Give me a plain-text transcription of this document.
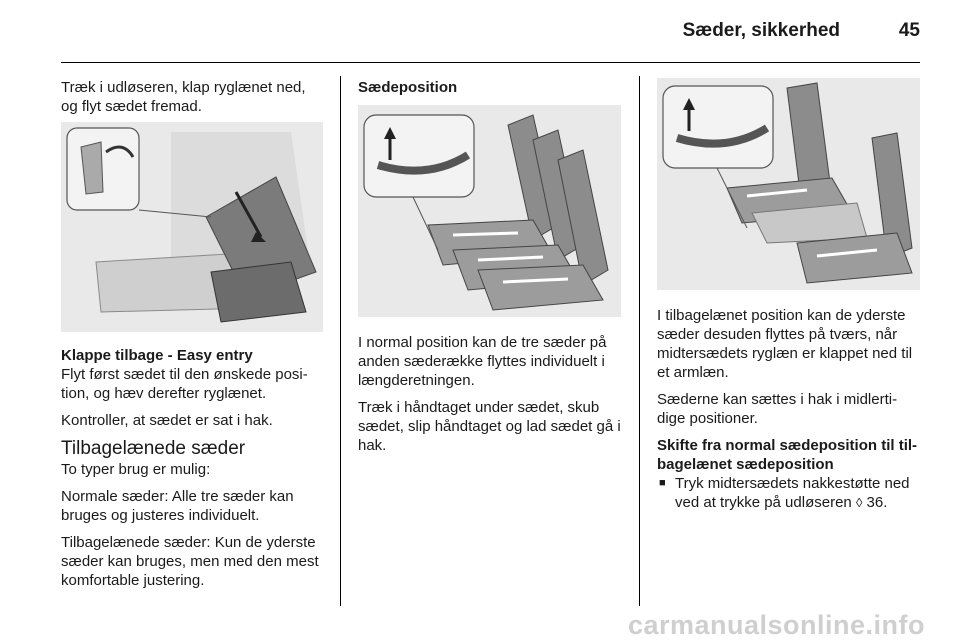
Sæder, sikkerhed	45

Træk i udløseren, klap ryglænet ned, og flyt sædet fremad.

Klappe tilbage - Easy entry

Flyt først sædet til den ønskede position, og hæv derefter ryglænet.

Kontroller, at sædet er sat i hak.

Tilbagelænede sæder

To typer brug er mulig:

Normale sæder: Alle tre sæder kan bruges og justeres individuelt.

Tilbagelænede sæder: Kun de yderste sæder kan bruges, men med den mest komfortable justering.

Sædeposition

I normal position kan de tre sæder på anden sæderække flyttes individuelt i længderetningen.

Træk i håndtaget under sædet, skub sædet, slip håndtaget og lad sædet gå i hak.

I tilbagelænet position kan de yderste sæder desuden flyttes på tværs, når midtersædets ryglæn er klappet ned til et armlæn.

Sæderne kan sættes i hak i midlertidige positioner.

Skifte fra normal sædeposition til tilbagelænet sædeposition

■ Tryk midtersædets nakkestøtte ned ved at trykke på udløseren ◊ 36.
carmanualsonline.info
